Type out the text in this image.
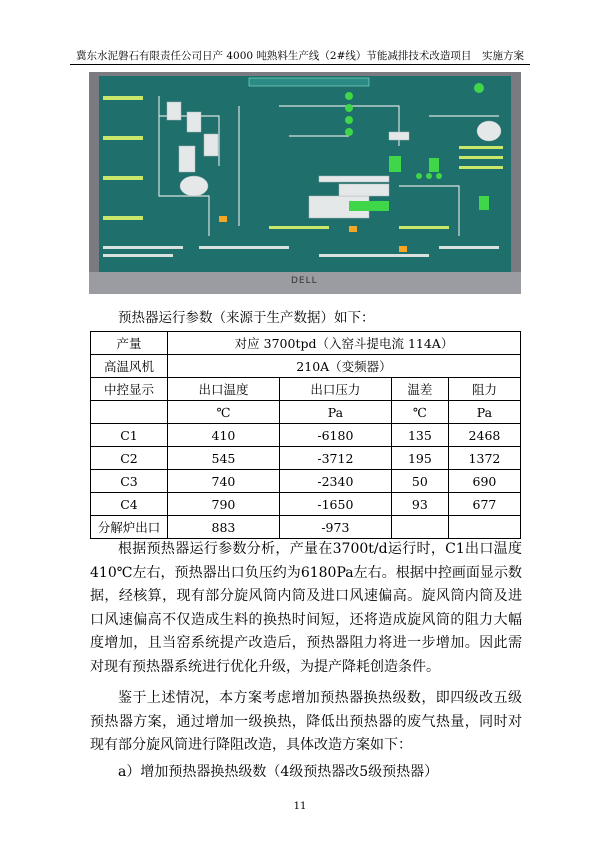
冀东水泥磐石有限责任公司日产 4000 吨熟料生产线（2#线）节能减排技术改造项目 实施方案
DELL
预热器运行参数（来源于生产数据）如下：
产量	对应 3700tpd（入窑斗提电流 114A）			
高温风机	210A（变频器）			
中控显示	出口温度	出口压力	温差	阻力
	℃	Pa	℃	Pa
C1	410	-6180	135	2468
C2	545	-3712	195	1372
C3	740	-2340	50	690
C4	790	-1650	93	677
分解炉出口	883	-973		

根据预热器运行参数分析，产量在3700t/d运行时，C1出口温度410℃左右，预热器出口负压约为6180Pa左右。根据中控画面显示数据，经核算，现有部分旋风筒内筒及进口风速偏高。旋风筒内筒及进口风速偏高不仅造成生料的换热时间短，还将造成旋风筒的阻力大幅度增加，且当窑系统提产改造后，预热器阻力将进一步增加。因此需对现有预热器系统进行优化升级，为提产降耗创造条件。

鉴于上述情况，本方案考虑增加预热器换热级数，即四级改五级预热器方案，通过增加一级换热，降低出预热器的废气热量，同时对现有部分旋风筒进行降阻改造，具体改造方案如下：

a）增加预热器换热级数（4级预热器改5级预热器）
11
